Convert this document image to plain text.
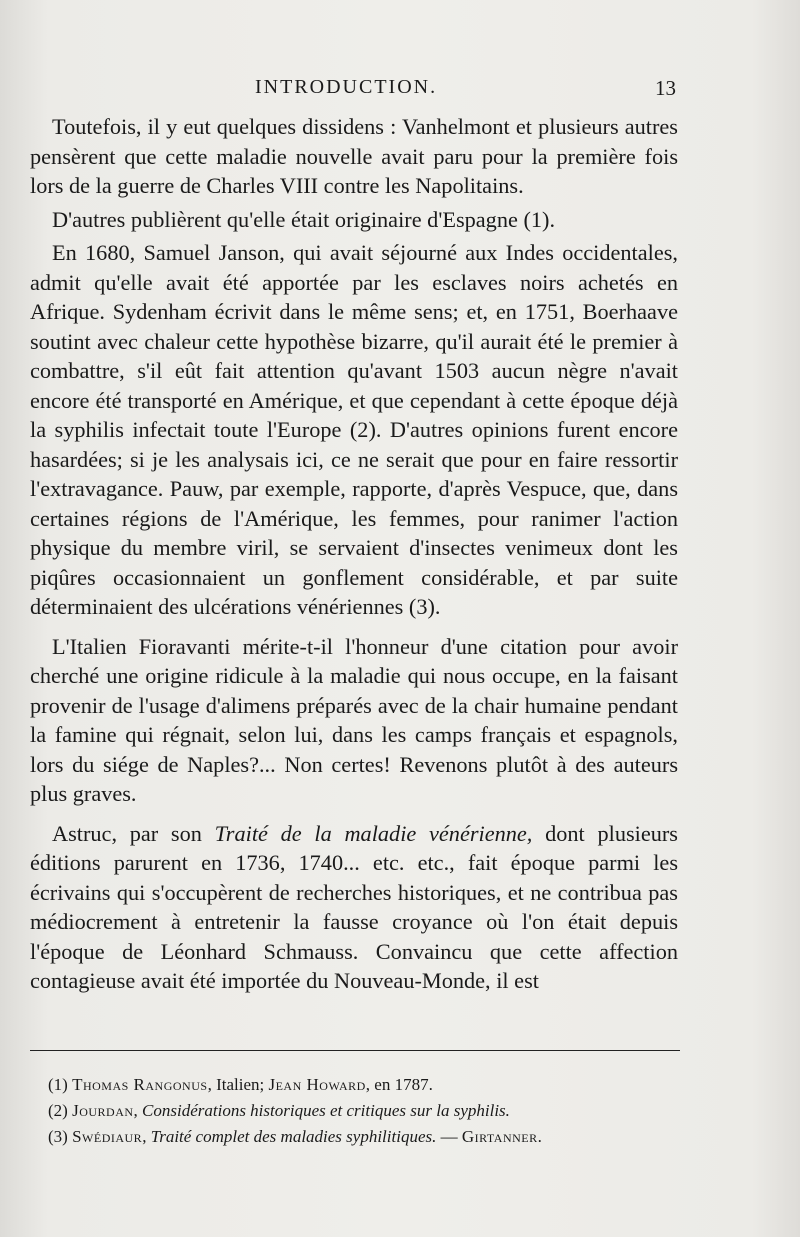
INTRODUCTION.	13

Toutefois, il y eut quelques dissidens : Vanhelmont et plusieurs autres pensèrent que cette maladie nouvelle avait paru pour la première fois lors de la guerre de Charles VIII contre les Napolitains.

D'autres publièrent qu'elle était originaire d'Espagne (1).

En 1680, Samuel Janson, qui avait séjourné aux Indes occidentales, admit qu'elle avait été apportée par les esclaves noirs achetés en Afrique. Sydenham écrivit dans le même sens; et, en 1751, Boerhaave soutint avec chaleur cette hypothèse bizarre, qu'il aurait été le premier à combattre, s'il eût fait attention qu'avant 1503 aucun nègre n'avait encore été transporté en Amérique, et que cependant à cette époque déjà la syphilis infectait toute l'Europe (2). D'autres opinions furent encore hasardées; si je les analysais ici, ce ne serait que pour en faire ressortir l'extravagance. Pauw, par exemple, rapporte, d'après Vespuce, que, dans certaines régions de l'Amérique, les femmes, pour ranimer l'action physique du membre viril, se servaient d'insectes venimeux dont les piqûres occasionnaient un gonflement considérable, et par suite déterminaient des ulcérations vénériennes (3).

L'Italien Fioravanti mérite-t-il l'honneur d'une citation pour avoir cherché une origine ridicule à la maladie qui nous occupe, en la faisant provenir de l'usage d'alimens préparés avec de la chair humaine pendant la famine qui régnait, selon lui, dans les camps français et espagnols, lors du siége de Naples?... Non certes! Revenons plutôt à des auteurs plus graves.

Astruc, par son Traité de la maladie vénérienne, dont plusieurs éditions parurent en 1736, 1740... etc. etc., fait époque parmi les écrivains qui s'occupèrent de recherches historiques, et ne contribua pas médiocrement à entretenir la fausse croyance où l'on était depuis l'époque de Léonhard Schmauss. Convaincu que cette affection contagieuse avait été importée du Nouveau-Monde, il est

(1) Thomas Rangonus, Italien; Jean Howard, en 1787.
(2) Jourdan, Considérations historiques et critiques sur la syphilis.
(3) Swédiaur, Traité complet des maladies syphilitiques. — Girtanner.
